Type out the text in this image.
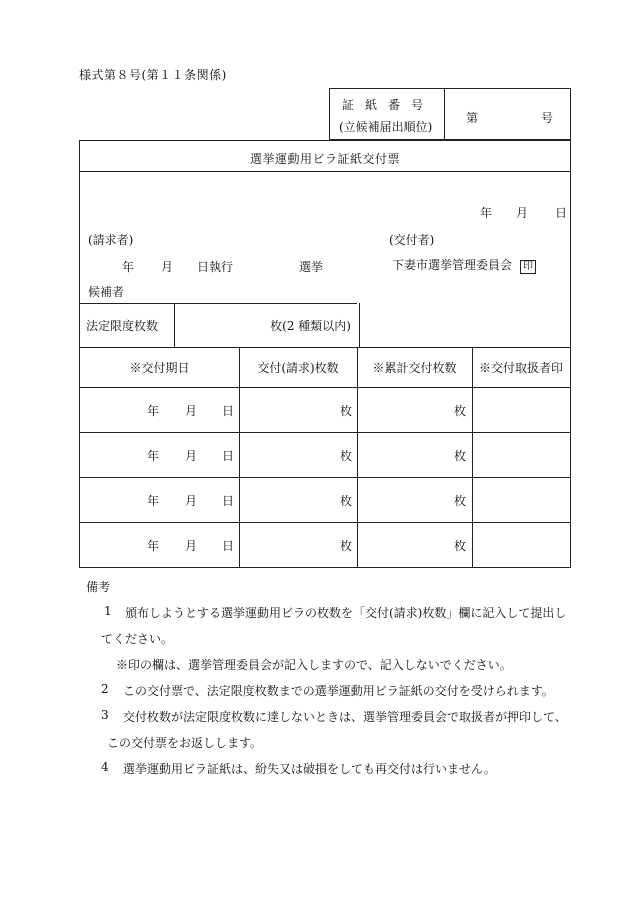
様式第８号(第１１条関係)
証紙番号
(立候補届出順位)
第	号
選挙運動用ビラ証紙交付票
年 月 日
(請求者)	(交付者)
年 月 日執行	選挙	下妻市選挙管理委員会 印
候補者
法定限度枚数	枚(2 種類以内)
※交付期日	交付(請求)枚数	※累計交付枚数	※交付取扱者印
年 月 日	枚	枚
年 月 日	枚	枚
年 月 日	枚	枚
年 月 日	枚	枚
備考
1 頒布しようとする選挙運動用ビラの枚数を「交付(請求)枚数」欄に記入して提出し
てください。
※印の欄は、選挙管理委員会が記入しますので、記入しないでください。
2 この交付票で、法定限度枚数までの選挙運動用ビラ証紙の交付を受けられます。
3 交付枚数が法定限度枚数に達しないときは、選挙管理委員会で取扱者が押印して、
この交付票をお返しします。
4 選挙運動用ビラ証紙は、紛失又は破損をしても再交付は行いません。
